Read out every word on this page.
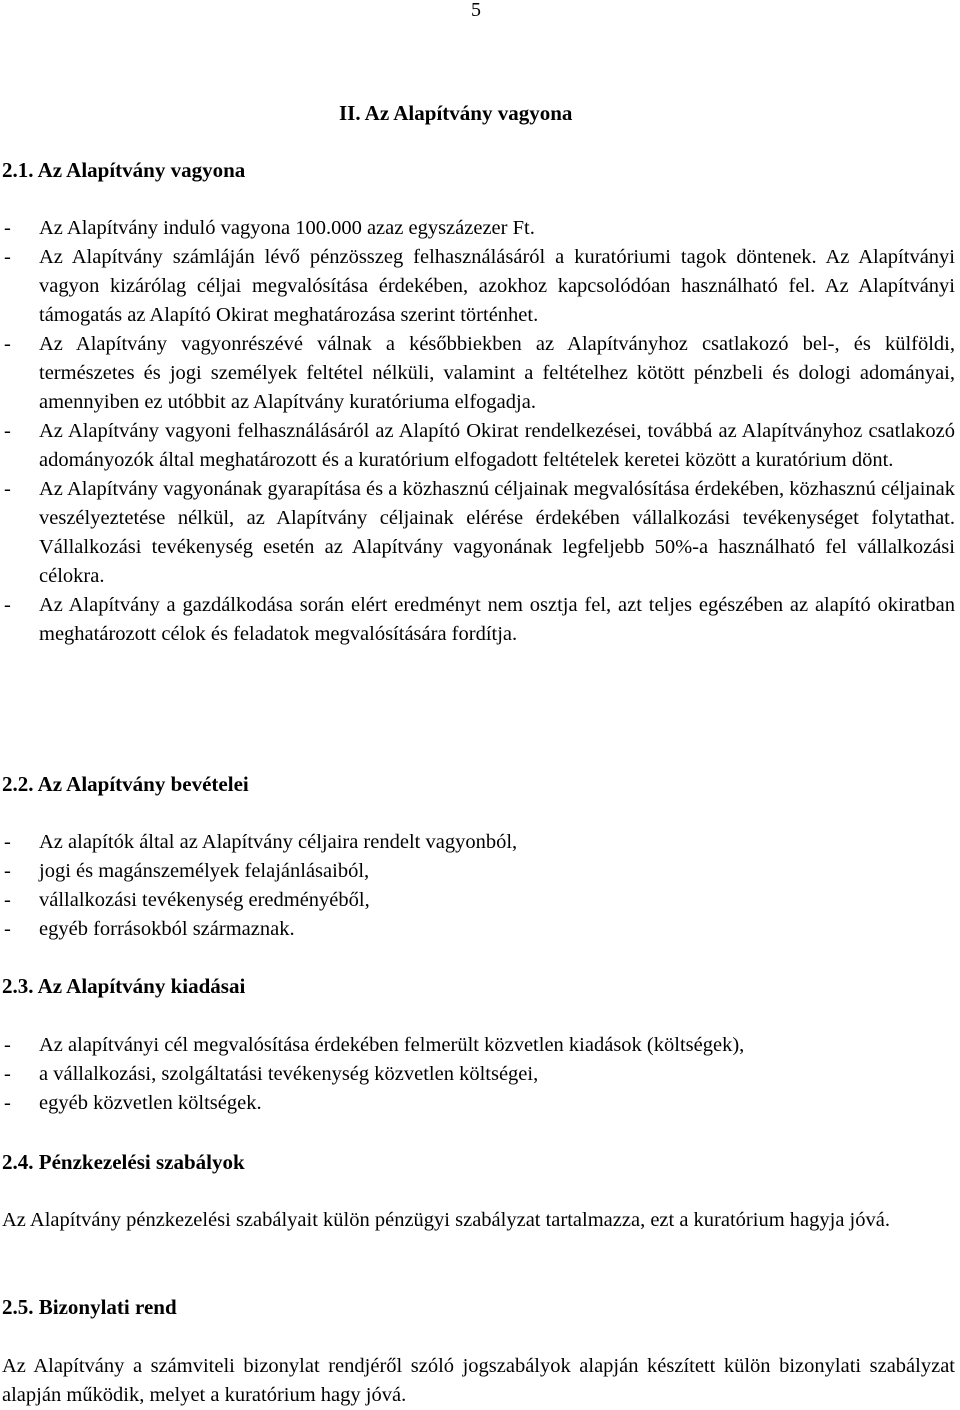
5
II. Az Alapítvány vagyona
2.1. Az Alapítvány vagyona
- Az Alapítvány induló vagyona 100.000 azaz egyszázezer Ft.
- Az Alapítvány számláján lévő pénzösszeg felhasználásáról a kuratóriumi tagok döntenek. Az Alapítványi vagyon kizárólag céljai megvalósítása érdekében, azokhoz kapcsolódóan használható fel. Az Alapítványi támogatás az Alapító Okirat meghatározása szerint történhet.
- Az Alapítvány vagyonrészévé válnak a későbbiekben az Alapítványhoz csatlakozó bel-, és külföldi, természetes és jogi személyek feltétel nélküli, valamint a feltételhez kötött pénzbeli és dologi adományai, amennyiben ez utóbbit az Alapítvány kuratóriuma elfogadja.
- Az Alapítvány vagyoni felhasználásáról az Alapító Okirat rendelkezései, továbbá az Alapítványhoz csatlakozó adományozók által meghatározott és a kuratórium elfogadott feltételek keretei között a kuratórium dönt.
- Az Alapítvány vagyonának gyarapítása és a közhasznú céljainak megvalósítása érdekében, közhasznú céljainak veszélyeztetése nélkül, az Alapítvány céljainak elérése érdekében vállalkozási tevékenységet folytathat. Vállalkozási tevékenység esetén az Alapítvány vagyonának legfeljebb 50%-a használható fel vállalkozási célokra.
- Az Alapítvány a gazdálkodása során elért eredményt nem osztja fel, azt teljes egészében az alapító okiratban meghatározott célok és feladatok megvalósítására fordítja.
2.2. Az Alapítvány bevételei
- Az alapítók által az Alapítvány céljaira rendelt vagyonból,
- jogi és magánszemélyek felajánlásaiból,
- vállalkozási tevékenység eredményéből,
- egyéb forrásokból származnak.
2.3. Az Alapítvány kiadásai
- Az alapítványi cél megvalósítása érdekében felmerült közvetlen kiadások (költségek),
- a vállalkozási, szolgáltatási tevékenység közvetlen költségei,
- egyéb közvetlen költségek.
2.4. Pénzkezelési szabályok
Az Alapítvány pénzkezelési szabályait külön pénzügyi szabályzat tartalmazza, ezt a kuratórium hagyja jóvá.
2.5. Bizonylati rend
Az Alapítvány a számviteli bizonylat rendjéről szóló jogszabályok alapján készített külön bizonylati szabályzat alapján működik, melyet a kuratórium hagy jóvá.
